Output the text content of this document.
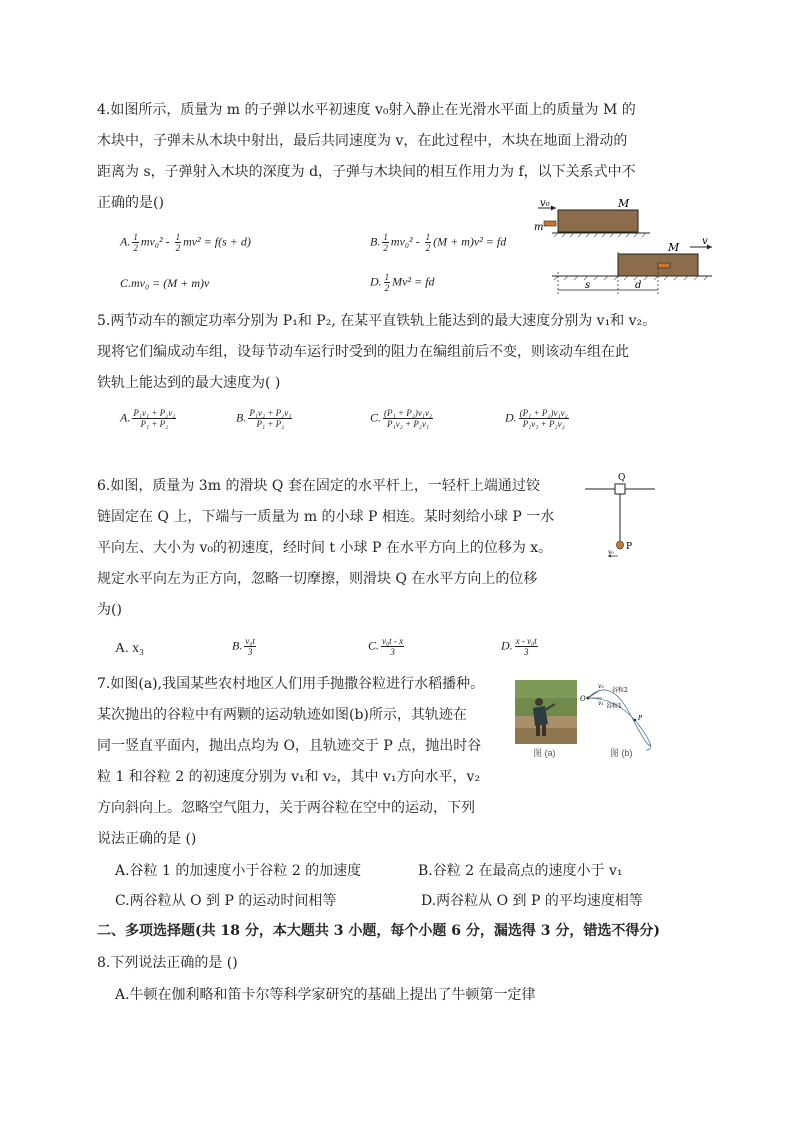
4.如图所示，质量为 m 的子弹以水平初速度 v₀射入静止在光滑水平面上的质量为 M 的
木块中，子弹未从木块中射出，最后共同速度为 v，在此过程中，木块在地面上滑动的
距离为 s，子弹射入木块的深度为 d，子弹与木块间的相互作用力为 f，以下关系式中不
正确的是()
A. $\frac{1}{2} mv_0^2 - \frac{1}{2} mv^2 = f(s + d)$	B. $\frac{1}{2} mv_0^2 - \frac{1}{2} (M + m)v^2$ = fd
C.mv₀ = (M + m)v	D. $\frac{1}{2} Mv^2$ = fd
v₀
m
M
M v
s	d
5.两节动车的额定功率分别为 P₁和 P₂, 在某平直铁轨上能达到的最大速度分别为 v₁和 v₂。
现将它们编成动车组，设每节动车运行时受到的阻力在编组前后不变，则该动车组在此
铁轨上能达到的最大速度为( )
A. $\frac{\text{P₁v₁ + P₂v₂}}{\text{P₁ + P₂}}$	B. $\frac{\text{P₁v₂ + P₂v₁}}{\text{P₁ + P₂}}$	C. $\frac{\text{(P₁ + P₂)v₁v₂}}{\text{P₁v₂ + P₂v₁}}$	D. $\frac{\text{(P₁ + P₂)v₁v₂}}{\text{P₁v₁ + P₂v₂}}$
6.如图，质量为 3m 的滑块 Q 套在固定的水平杆上，一轻杆上端通过铰
链固定在 Q 上，下端与一质量为 m 的小球 P 相连。某时刻给小球 P 一水
平向左、大小为 v₀的初速度，经时间 t 小球 P 在水平方向上的位移为 x。
规定水平向左为正方向，忽略一切摩擦，则滑块 Q 在水平方向上的位移
为()
A. x₃	B. $\frac{\text{v₀t}}{3}$	C. $\frac{\text{v₀t - x}}{3}$	D. $\frac{\text{x - v₀t}}{3}$
Q
P
v₀
7.如图(a),我国某些农村地区人们用手抛撒谷粒进行水稻播种。
某次抛出的谷粒中有两颗的运动轨迹如图(b)所示，其轨迹在
同一竖直平面内，抛出点均为 O，且轨迹交于 P 点，抛出时谷
粒 1 和谷粒 2 的初速度分别为 v₁和 v₂，其中 v₁方向水平，v₂
方向斜向上。忽略空气阻力，关于两谷粒在空中的运动，下列
说法正确的是 ()
A.谷粒 1 的加速度小于谷粒 2 的加速度	B.谷粒 2 在最高点的速度小于 v₁
C.两谷粒从 O 到 P 的运动时间相等	D.两谷粒从 O 到 P 的平均速度相等
图 (a)
O
v₂
v₁
谷粒2
谷粒1
P
图 (b)
二、多项选择题(共 18 分，本大题共 3 小题，每个小题 6 分，漏选得 3 分，错选不得分)
8.下列说法正确的是 ()
A.牛顿在伽利略和笛卡尔等科学家研究的基础上提出了牛顿第一定律
